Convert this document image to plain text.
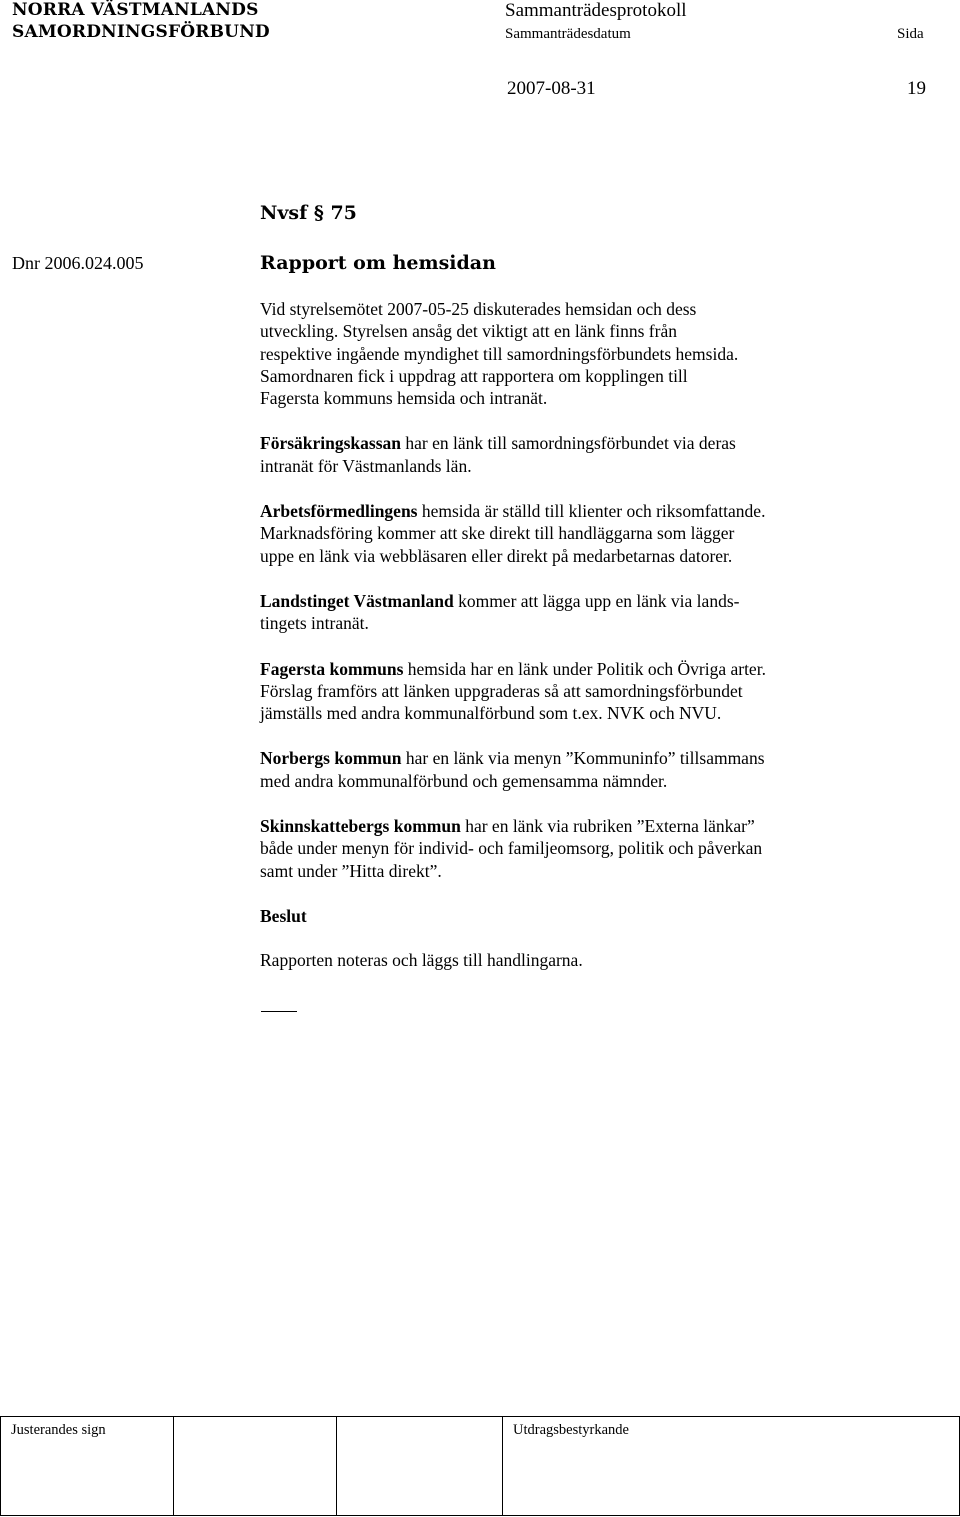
NORRA VÄSTMANLANDS
SAMORDNINGSFÖRBUND
Sammanträdesprotokoll
Sammanträdesdatum	Sida
2007-08-31	19
Nvsf § 75
Dnr 2006.024.005	Rapport om hemsidan

Vid styrelsemötet 2007-05-25 diskuterades hemsidan och dess
utveckling. Styrelsen ansåg det viktigt att en länk finns från
respektive ingående myndighet till samordningsförbundets hemsida.
Samordnaren fick i uppdrag att rapportera om kopplingen till
Fagersta kommuns hemsida och intranät.

Försäkringskassan har en länk till samordningsförbundet via deras
intranät för Västmanlands län.

Arbetsförmedlingens hemsida är ställd till klienter och riksomfattande.
Marknadsföring kommer att ske direkt till handläggarna som lägger
uppe en länk via webbläsaren eller direkt på medarbetarnas datorer.

Landstinget Västmanland kommer att lägga upp en länk via lands-
tingets intranät.

Fagersta kommuns hemsida har en länk under Politik och Övriga arter.
Förslag framförs att länken uppgraderas så att samordningsförbundet
jämställs med andra kommunalförbund som t.ex. NVK och NVU.

Norbergs kommun har en länk via menyn ”Kommuninfo” tillsammans
med andra kommunalförbund och gemensamma nämnder.

Skinnskattebergs kommun har en länk via rubriken ”Externa länkar”
både under menyn för individ- och familjeomsorg, politik och påverkan
samt under ”Hitta direkt”.

Beslut

Rapporten noteras och läggs till handlingarna.

Justerandes sign			Utdragsbestyrkande
